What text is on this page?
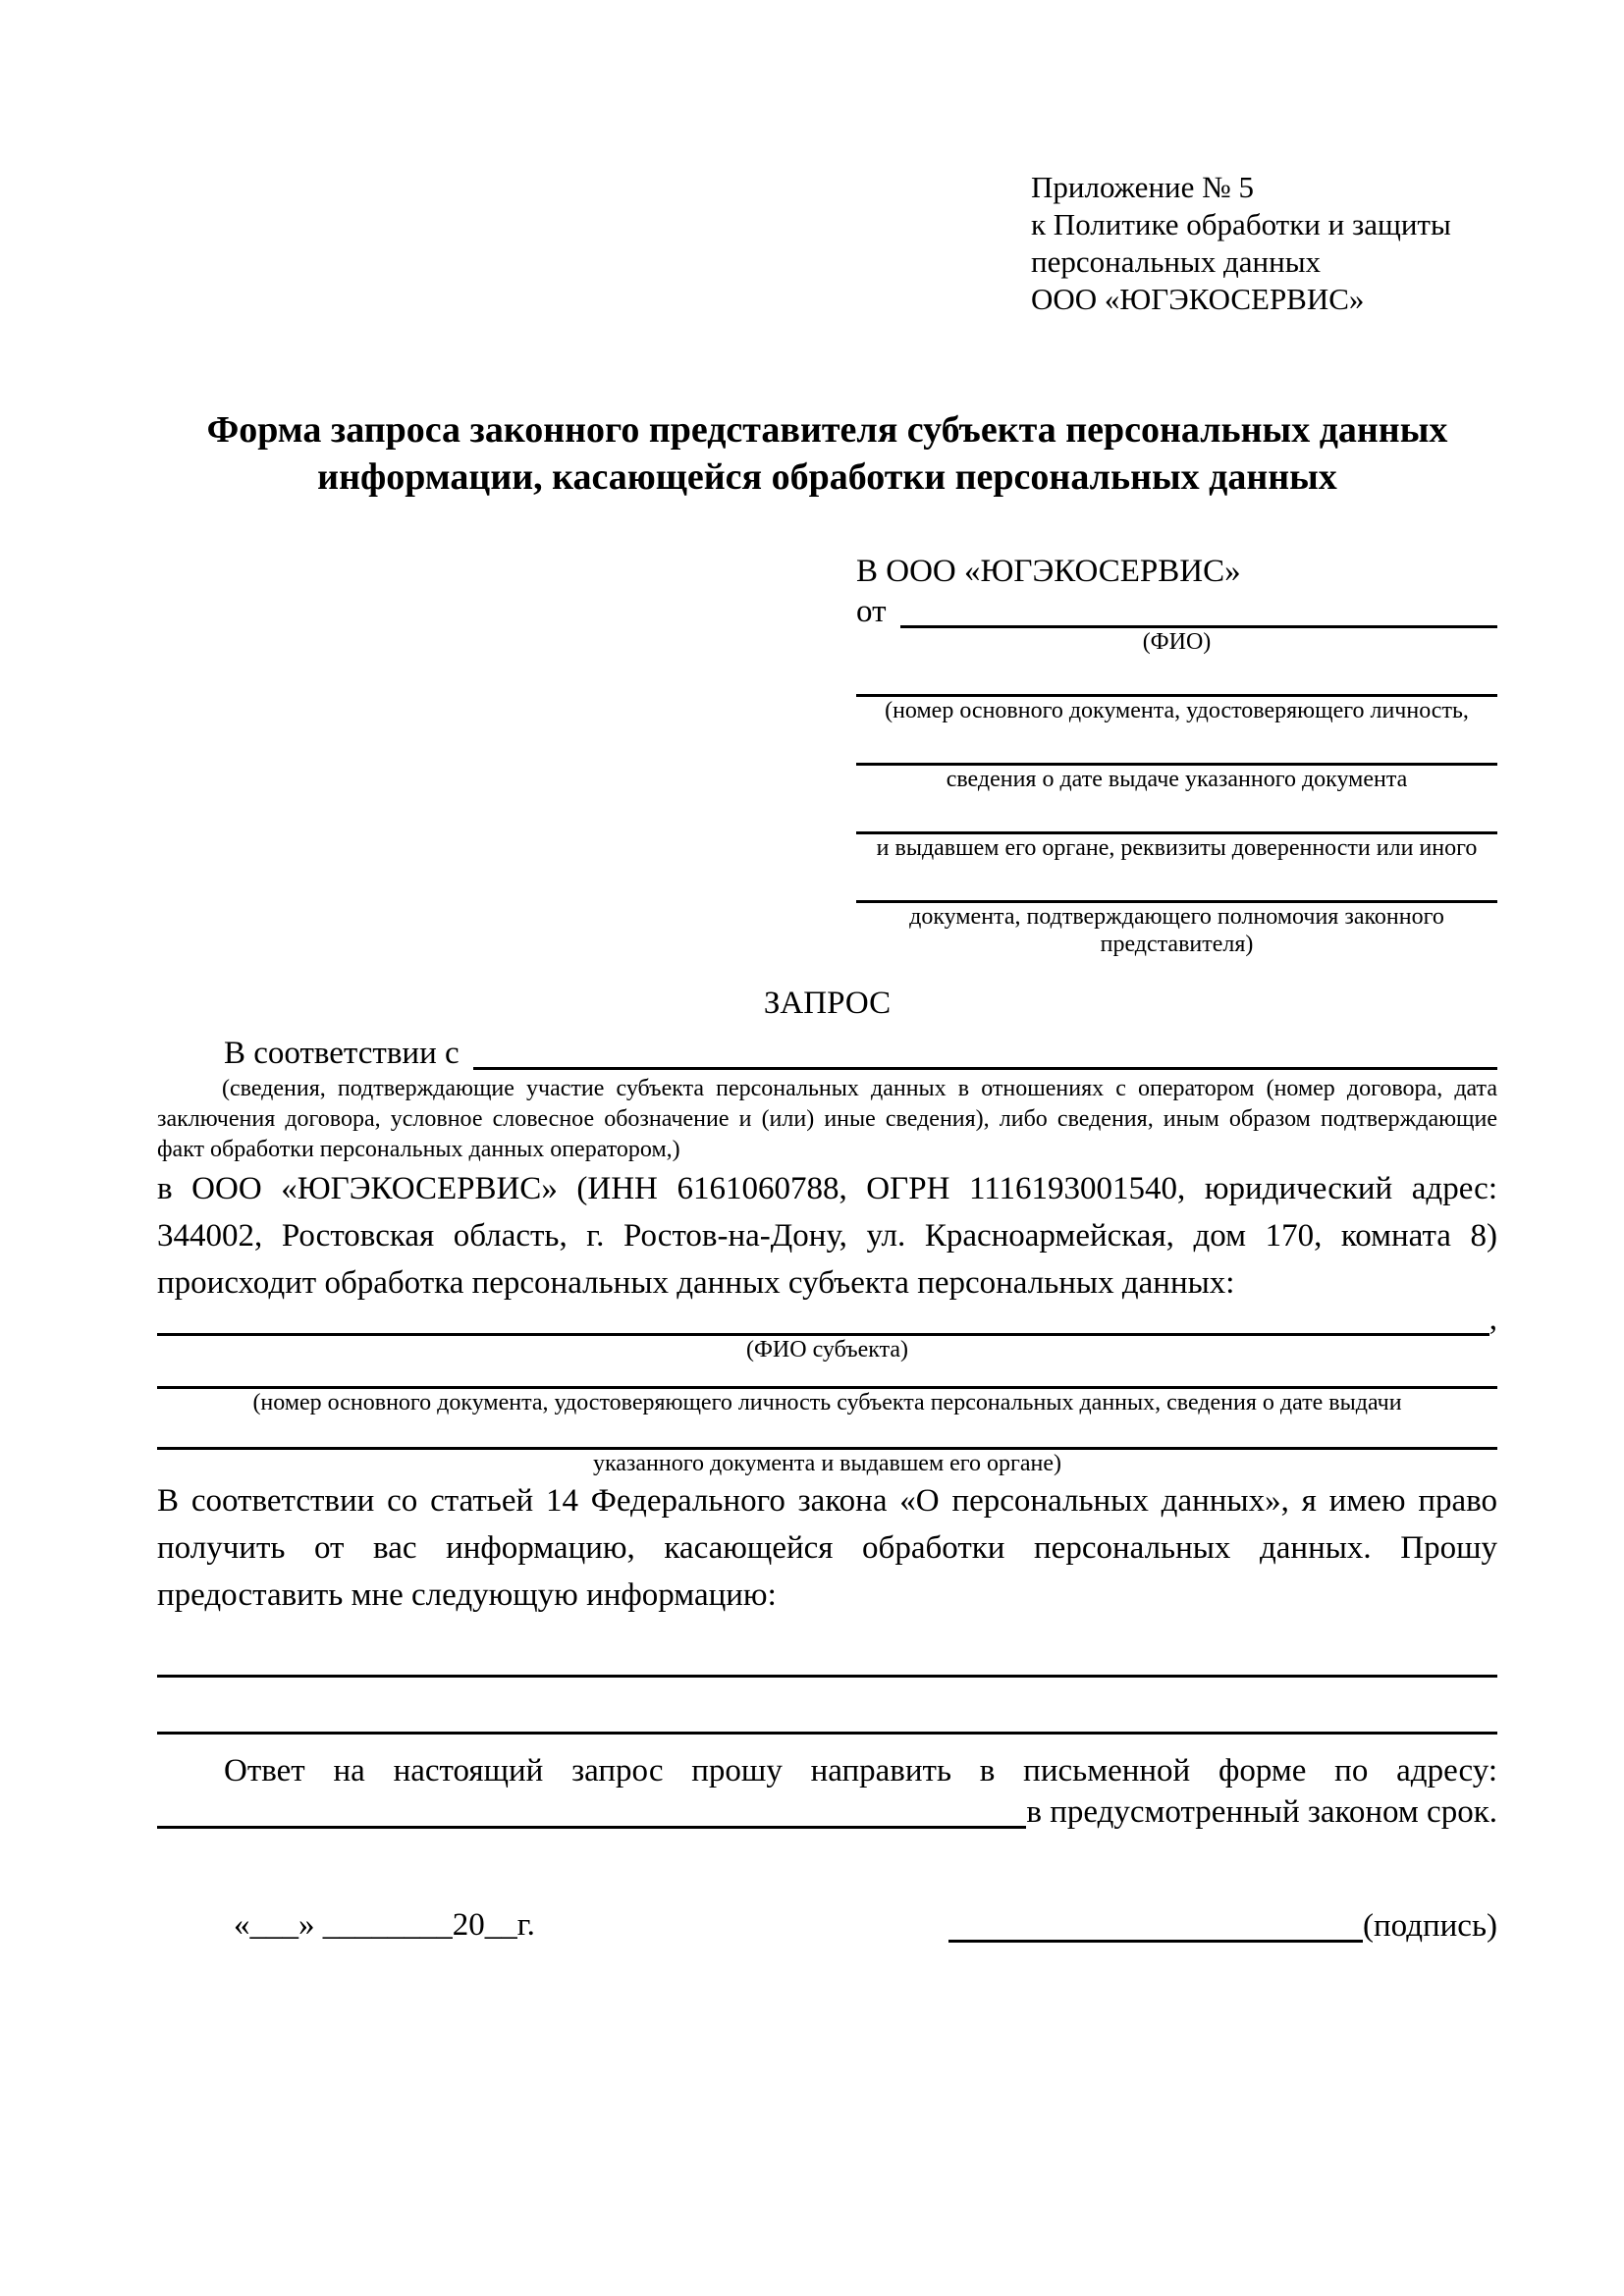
Приложение № 5
к Политике обработки и защиты
персональных данных
ООО «ЮГЭКОСЕРВИС»
Форма запроса законного представителя субъекта персональных данных информации, касающейся обработки персональных данных
В ООО «ЮГЭКОСЕРВИС»
от
(ФИО)
(номер основного документа, удостоверяющего личность,
сведения о дате выдаче указанного документа
и выдавшем его органе, реквизиты доверенности или иного
документа, подтверждающего полномочия законного представителя)
ЗАПРОС
В соответствии с

(сведения, подтверждающие участие субъекта персональных данных в отношениях с оператором (номер договора, дата заключения договора, условное словесное обозначение и (или) иные сведения), либо сведения, иным образом подтверждающие факт обработки персональных данных оператором,)

в ООО «ЮГЭКОСЕРВИС» (ИНН 6161060788, ОГРН 1116193001540, юридический адрес: 344002, Ростовская область, г. Ростов-на-Дону, ул. Красноармейская, дом 170, комната 8) происходит обработка персональных данных субъекта персональных данных:

,
(ФИО субъекта)
(номер основного документа, удостоверяющего личность субъекта персональных данных, сведения о дате выдачи
указанного документа и выдавшем его органе)

В соответствии со статьей 14 Федерального закона «О персональных данных», я имею право получить от вас информацию, касающейся обработки персональных данных. Прошу предоставить мне следующую информацию:

Ответ на настоящий запрос прошу направить в письменной форме по адресу:

в предусмотренный законом срок.
«___» ________20__г.	(подпись)
